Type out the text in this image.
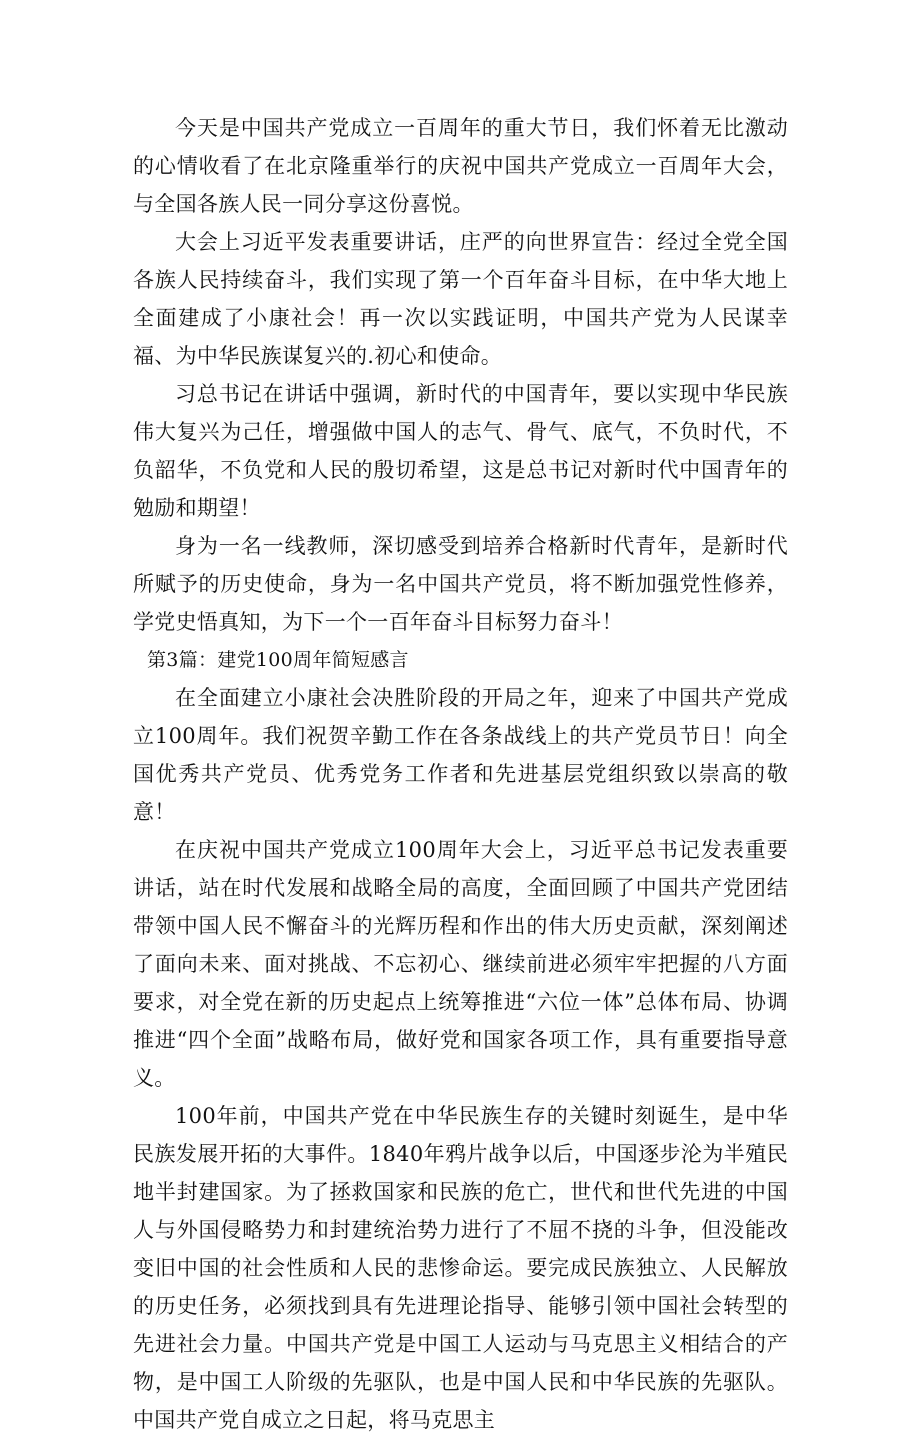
今天是中国共产党成立一百周年的重大节日，我们怀着无比激动的心情收看了在北京隆重举行的庆祝中国共产党成立一百周年大会，与全国各族人民一同分享这份喜悦。

大会上习近平发表重要讲话，庄严的向世界宣告：经过全党全国各族人民持续奋斗，我们实现了第一个百年奋斗目标，在中华大地上全面建成了小康社会！再一次以实践证明，中国共产党为人民谋幸福、为中华民族谋复兴的.初心和使命。

习总书记在讲话中强调，新时代的中国青年，要以实现中华民族伟大复兴为己任，增强做中国人的志气、骨气、底气，不负时代，不负韶华，不负党和人民的殷切希望，这是总书记对新时代中国青年的勉励和期望！

身为一名一线教师，深切感受到培养合格新时代青年，是新时代所赋予的历史使命，身为一名中国共产党员，将不断加强党性修养，学党史悟真知，为下一个一百年奋斗目标努力奋斗！

第3篇：建党100周年简短感言

在全面建立小康社会决胜阶段的开局之年，迎来了中国共产党成立100周年。我们祝贺辛勤工作在各条战线上的共产党员节日！向全国优秀共产党员、优秀党务工作者和先进基层党组织致以崇高的敬意！

在庆祝中国共产党成立100周年大会上，习近平总书记发表重要讲话，站在时代发展和战略全局的高度，全面回顾了中国共产党团结带领中国人民不懈奋斗的光辉历程和作出的伟大历史贡献，深刻阐述了面向未来、面对挑战、不忘初心、继续前进必须牢牢把握的八方面要求，对全党在新的历史起点上统筹推进“六位一体”总体布局、协调推进“四个全面”战略布局，做好党和国家各项工作，具有重要指导意义。

100年前，中国共产党在中华民族生存的关键时刻诞生，是中华民族发展开拓的大事件。1840年鸦片战争以后，中国逐步沦为半殖民地半封建国家。为了拯救国家和民族的危亡，世代和世代先进的中国人与外国侵略势力和封建统治势力进行了不屈不挠的斗争，但没能改变旧中国的社会性质和人民的悲惨命运。要完成民族独立、人民解放的历史任务，必须找到具有先进理论指导、能够引领中国社会转型的先进社会力量。中国共产党是中国工人运动与马克思主义相结合的产物，是中国工人阶级的先驱队，也是中国人民和中华民族的先驱队。中国共产党自成立之日起，将马克思主
